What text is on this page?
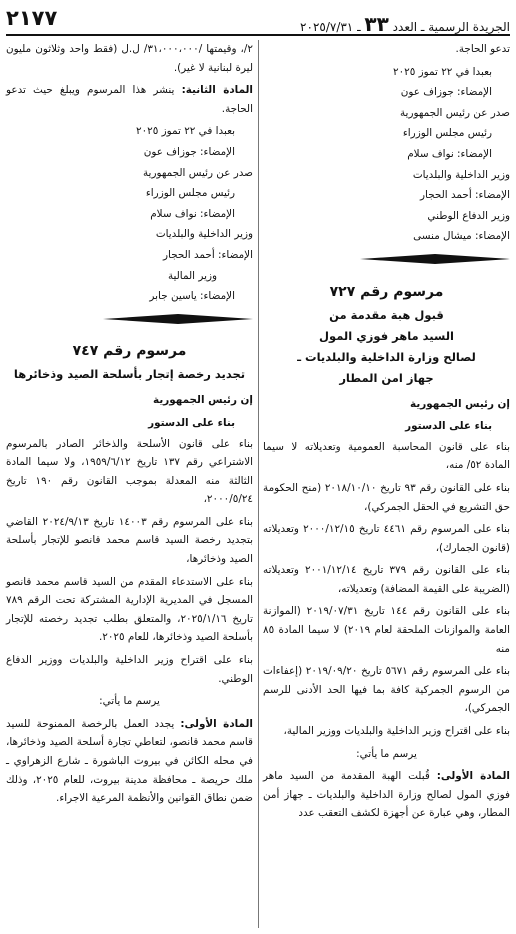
٢١٧٧	الجريدة الرسمية ـ العدد ٣٣ ـ ٢٠٢٥/٧/٣١

تدعو الحاجة.

بعبدا في ٢٢ تموز ٢٠٢٥

الإمضاء: جوزاف عون

صدر عن رئيس الجمهورية

رئيس مجلس الوزراء

الإمضاء: نواف سلام

وزير الداخلية والبلديات

الإمضاء: أحمد الحجار

وزير الدفاع الوطني

الإمضاء: ميشال منسى

مرسوم رقم ٧٢٧
قبول هبة مقدمة من
السيد ماهر فوزي المول
لصالح وزارة الداخلية والبلديات ـ
جهاز امن المطار

إن رئيس الجمهورية

بناء على الدستور

بناء على قانون المحاسبة العمومية وتعديلاته لا سيما المادة ٥٢/ منه،

بناء على القانون رقم ٩٣ تاريخ ٢٠١٨/١٠/١٠ (منح الحكومة حق التشريع في الحقل الجمركي)،

بناء على المرسوم رقم ٤٤٦١ تاريخ ٢٠٠٠/١٢/١٥ وتعديلاته (قانون الجمارك)،

بناء على القانون رقم ٣٧٩ تاريخ ٢٠٠١/١٢/١٤ وتعديلاته (الضريبة على القيمة المضافة) وتعديلاته،

بناء على القانون رقم ١٤٤ تاريخ ٢٠١٩/٠٧/٣١ (الموازنة العامة والموازنات الملحقة لعام ٢٠١٩) لا سيما المادة ٨٥ منه

بناء على المرسوم رقم ٥٦٧١ تاريخ ٢٠١٩/٠٩/٢٠ (إعفاءات من الرسوم الجمركية كافة بما فيها الحد الأدنى للرسم الجمركي)،

بناء على اقتراح وزير الداخلية والبلديات ووزير المالية،

يرسم ما يأتي:

المادة الأولى: قُبلت الهبة المقدمة من السيد ماهر فوزي المول لصالح وزارة الداخلية والبلديات ـ جهاز أمن المطار، وهي عبارة عن أجهزة لكشف التعقب عدد

٢/، وقيمتها /٣١،٠٠٠،٠٠٠/ ل.ل (فقط واحد وثلاثون مليون ليرة لبنانية لا غير).

المادة الثانية: ينشر هذا المرسوم ويبلغ حيث تدعو الحاجة.

بعبدا في ٢٢ تموز ٢٠٢٥

الإمضاء: جوزاف عون

صدر عن رئيس الجمهورية

رئيس مجلس الوزراء

الإمضاء: نواف سلام

وزير الداخلية والبلديات

الإمضاء: أحمد الحجار

وزير المالية

الإمضاء: ياسين جابر

مرسوم رقم ٧٤٧
تجديد رخصة إتجار بأسلحة الصيد وذخائرها

إن رئيس الجمهورية

بناء على الدستور

بناء على قانون الأسلحة والذخائر الصادر بالمرسوم الاشتراعي رقم ١٣٧ تاريخ ١٩٥٩/٦/١٢، ولا سيما المادة الثالثة منه المعدلة بموجب القانون رقم ١٩٠ تاريخ ٢٠٠٠/٥/٢٤،

بناء على المرسوم رقم ١٤٠٠٣ تاريخ ٢٠٢٤/٩/١٣ القاضي بتجديد رخصة السيد قاسم محمد قانصو للإتجار بأسلحة الصيد وذخائرها،

بناء على الاستدعاء المقدم من السيد قاسم محمد قانصو المسجل في المديرية الإدارية المشتركة تحت الرقم ٧٨٩ تاريخ ٢٠٢٥/١/١٦، والمتعلق بطلب تجديد رخصته للإتجار بأسلحة الصيد وذخائرها، للعام ٢٠٢٥.

بناء على اقتراح وزير الداخلية والبلديات ووزير الدفاع الوطني.

يرسم ما يأتي:

المادة الأولى: يجدد العمل بالرخصة الممنوحة للسيد قاسم محمد قانصو، لتعاطي تجارة أسلحة الصيد وذخائرها، في محله الكائن في بيروت الباشورة ـ شارع الزهراوي ـ ملك حريصة ـ محافظة مدينة بيروت، للعام ٢٠٢٥، وذلك ضمن نطاق القوانين والأنظمة المرعية الاجراء.
